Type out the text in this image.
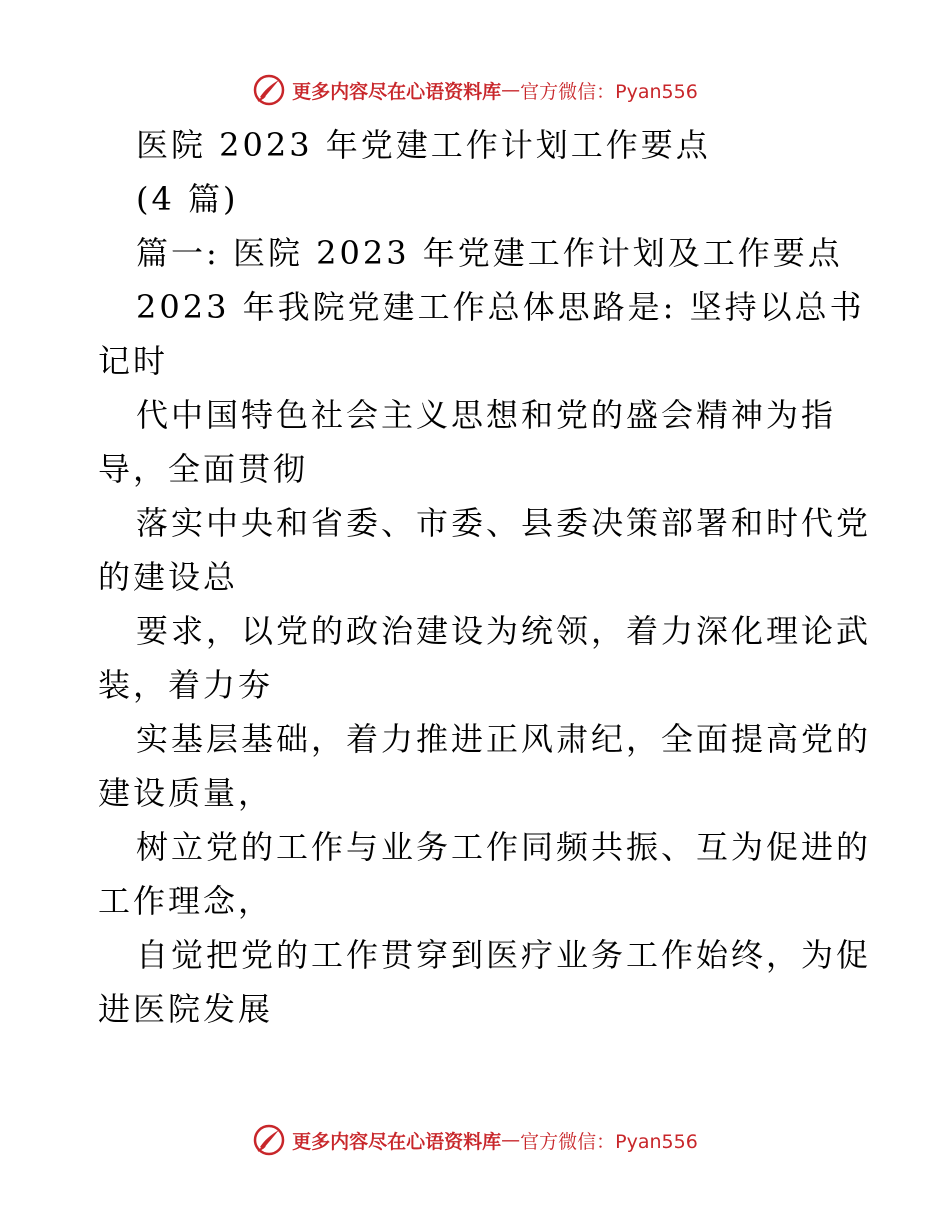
更多内容尽在心语资料库 — 官方微信：Pyan556
医院 2023 年党建工作计划工作要点
(4 篇)
篇一: 医院 2023 年党建工作计划及工作要点
2023 年我院党建工作总体思路是: 坚持以总书
记时
代中国特色社会主义思想和党的盛会精神为指
导，全面贯彻
落实中央和省委、市委、县委决策部署和时代党
的建设总
要求，以党的政治建设为统领，着力深化理论武
装，着力夯
实基层基础，着力推进正风肃纪，全面提高党的
建设质量，
树立党的工作与业务工作同频共振、互为促进的
工作理念，
自觉把党的工作贯穿到医疗业务工作始终，为促
进医院发展
更多内容尽在心语资料库 — 官方微信：Pyan556
